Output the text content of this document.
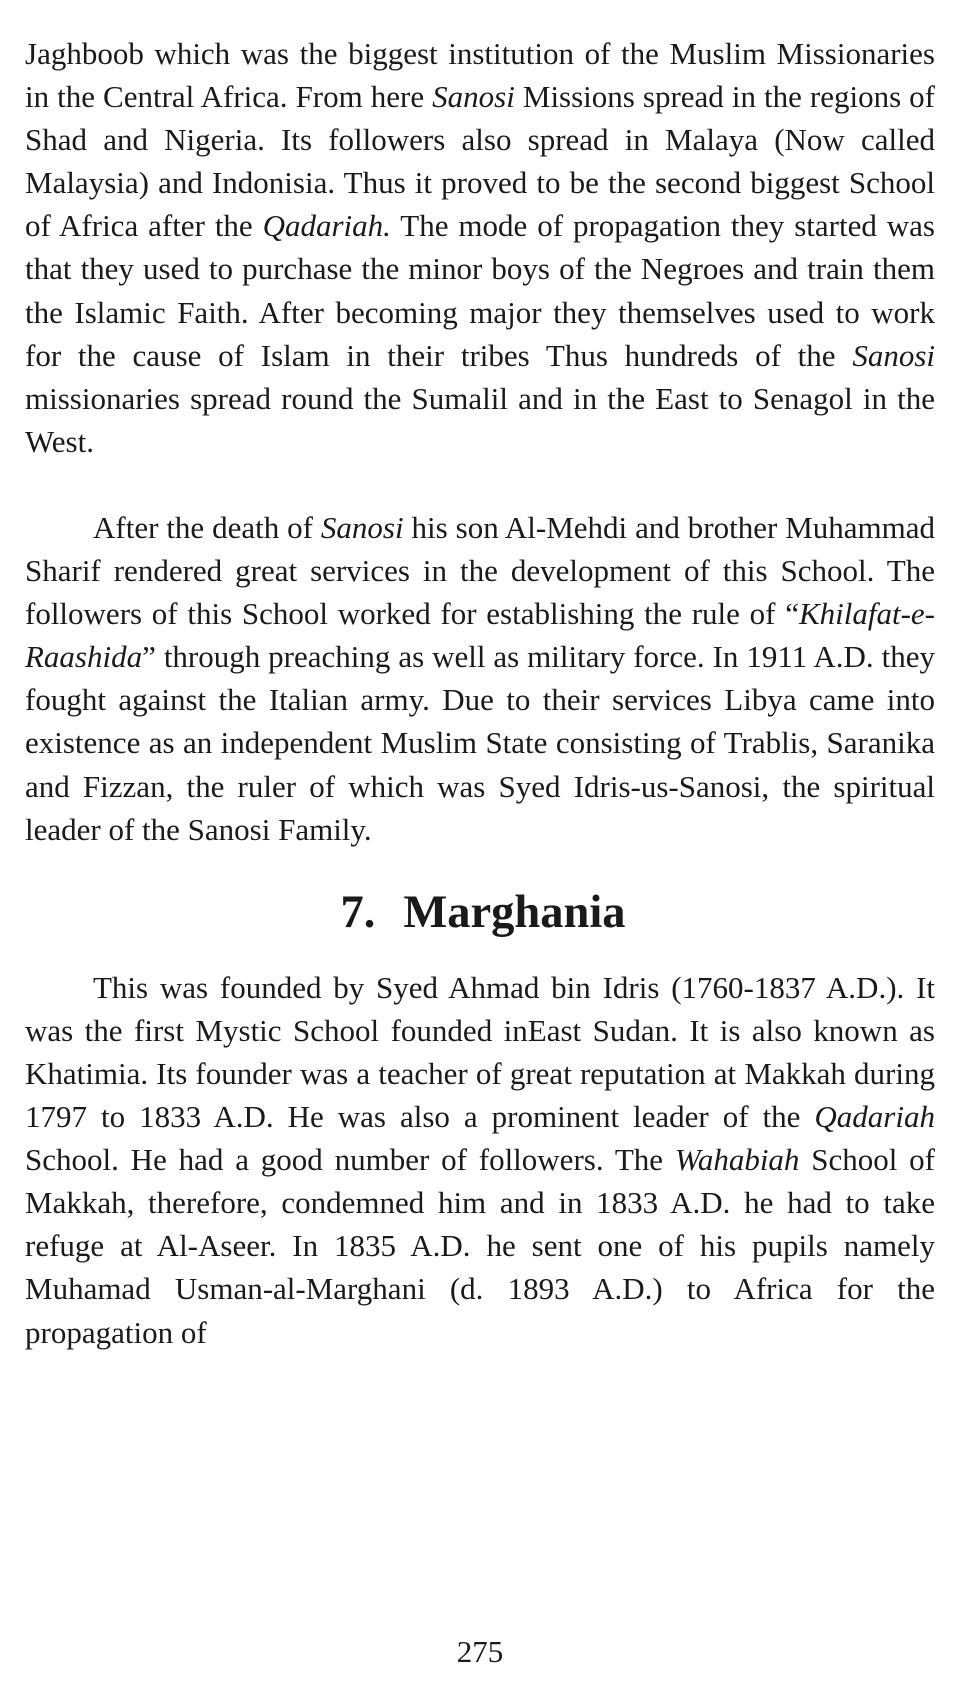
Jaghboob which was the biggest institution of the Muslim Missionaries in the Central Africa. From here Sanosi Missions spread in the regions of Shad and Nigeria. Its followers also spread in Malaya (Now called Malaysia) and Indonisia. Thus it proved to be the second biggest School of Africa after the Qadariah. The mode of propagation they started was that they used to purchase the minor boys of the Negroes and train them the Islamic Faith. After becoming major they themselves used to work for the cause of Islam in their tribes Thus hundreds of the Sanosi missionaries spread round the Sumalil and in the East to Senagol in the West.

After the death of Sanosi his son Al-Mehdi and brother Muhammad Sharif rendered great services in the development of this School. The followers of this School worked for establishing the rule of “Khilafat-e-Raashida” through preaching as well as military force. In 1911 A.D. they fought against the Italian army. Due to their services Libya came into existence as an independent Muslim State consisting of Trablis, Saranika and Fizzan, the ruler of which was Syed Idris-us-Sanosi, the spiritual leader of the Sanosi Family.

7. Marghania

This was founded by Syed Ahmad bin Idris (1760-1837 A.D.). It was the first Mystic School founded inEast Sudan. It is also known as Khatimia. Its founder was a teacher of great reputation at Makkah during 1797 to 1833 A.D. He was also a prominent leader of the Qadariah School. He had a good number of followers. The Wahabiah School of Makkah, therefore, condemned him and in 1833 A.D. he had to take refuge at Al-Aseer. In 1835 A.D. he sent one of his pupils namely Muhamad Usman-al-Marghani (d. 1893 A.D.) to Africa for the propagation of

275
